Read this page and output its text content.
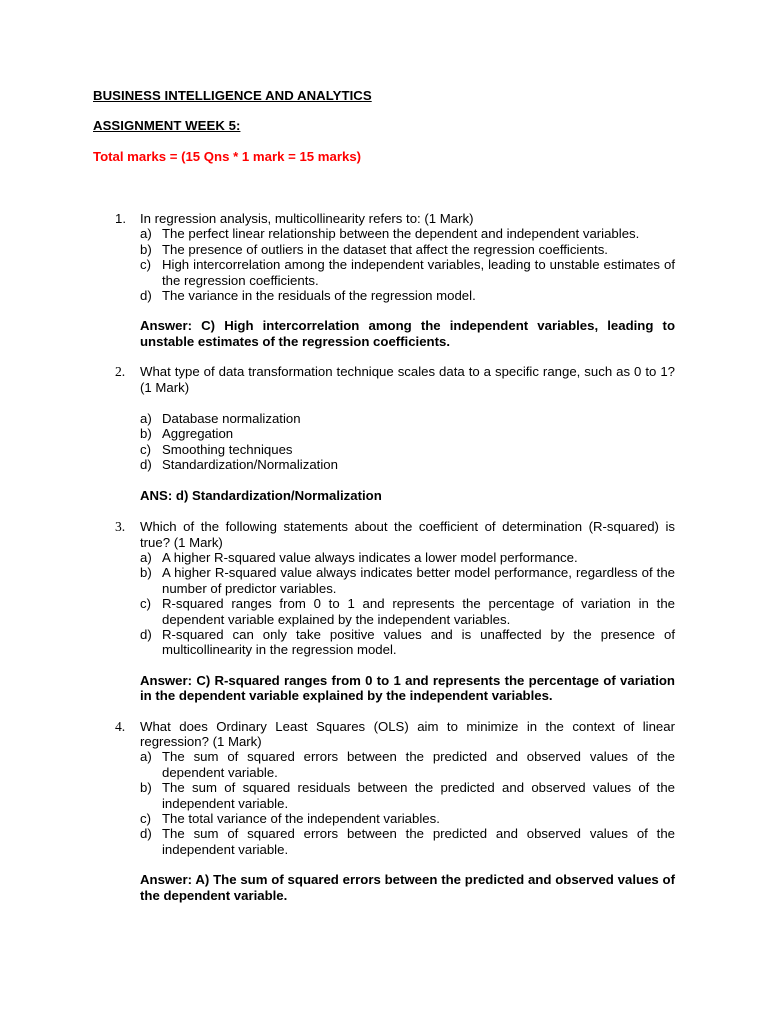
BUSINESS INTELLIGENCE AND ANALYTICS
ASSIGNMENT WEEK 5:
Total marks = (15 Qns * 1 mark = 15 marks)
1.	In regression analysis, multicollinearity refers to: (1 Mark)
a) The perfect linear relationship between the dependent and independent variables.
b) The presence of outliers in the dataset that affect the regression coefficients.
c) High intercorrelation among the independent variables, leading to unstable estimates of the regression coefficients.
d) The variance in the residuals of the regression model.
Answer: C) High intercorrelation among the independent variables, leading to unstable estimates of the regression coefficients.
2.	What type of data transformation technique scales data to a specific range, such as 0 to 1? (1 Mark)
a) Database normalization
b) Aggregation
c) Smoothing techniques
d) Standardization/Normalization
ANS: d) Standardization/Normalization
3.	Which of the following statements about the coefficient of determination (R-squared) is true? (1 Mark)
a) A higher R-squared value always indicates a lower model performance.
b) A higher R-squared value always indicates better model performance, regardless of the number of predictor variables.
c) R-squared ranges from 0 to 1 and represents the percentage of variation in the dependent variable explained by the independent variables.
d) R-squared can only take positive values and is unaffected by the presence of multicollinearity in the regression model.
Answer: C) R-squared ranges from 0 to 1 and represents the percentage of variation in the dependent variable explained by the independent variables.
4.	What does Ordinary Least Squares (OLS) aim to minimize in the context of linear regression? (1 Mark)
a) The sum of squared errors between the predicted and observed values of the dependent variable.
b) The sum of squared residuals between the predicted and observed values of the independent variable.
c) The total variance of the independent variables.
d) The sum of squared errors between the predicted and observed values of the independent variable.
Answer: A) The sum of squared errors between the predicted and observed values of the dependent variable.
